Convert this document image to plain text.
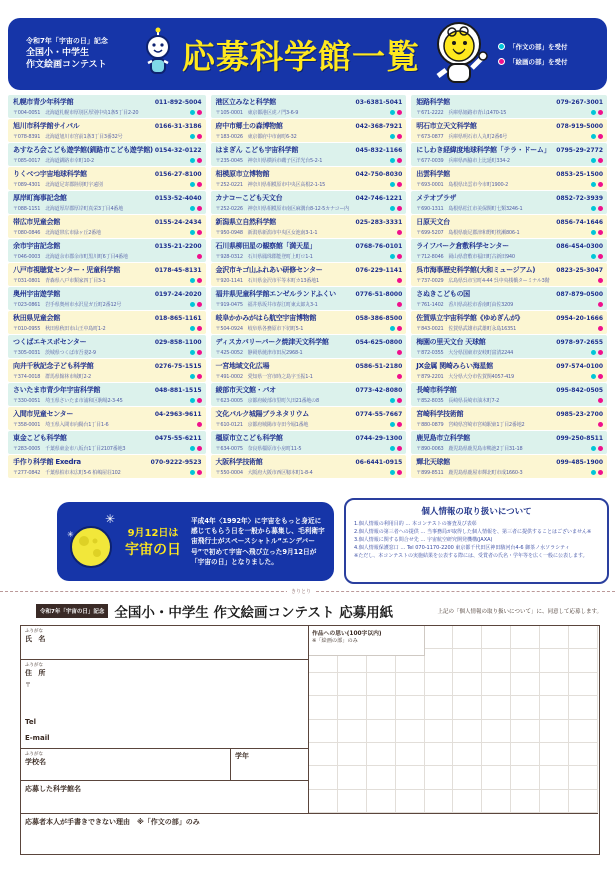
令和7年「宇宙の日」記念
全国小・中学生
作文絵画コンテスト	応募科学館一覧	「作文の部」を受付
「絵画の部」を受付
札幌市青少年科学館	011-892-5004
〒004-0051　北海道札幌市厚別区厚別中央1条5丁目2-20
旭川市科学館サイパル	0166-31-3186
〒078-8391　北海道旭川市宮前1条3丁目3番32号
あすなろ会こども遊学館(釧路市こども遊学館) 0154-32-0122
〒085-0017　北海道釧路市幸町10-2
りくべつ宇宙地球科学館	0156-27-8100
〒089-4301　北海道足寄郡陸別町宇遠別
厚岸町海事記念館	0153-52-4040
〒088-1151　北海道厚岸郡厚岸町真栄3丁目4番地
帯広市児童会館	0155-24-2434
〒080-0846　北海道帯広市緑ヶ丘2番地
余市宇宙記念館	0135-21-2200
〒046-0003　北海道余市郡余市町黒川町6丁目4番地
八戸市視聴覚センター・児童科学館	0178-45-8131
〒031-0801　青森県八戸市類家四丁目3-1
奥州宇宙遊学館	0197-24-2020
〒023-0861　岩手県奥州市水沢星ガ丘町2番12号
秋田県児童会館	018-865-1161
〒010-0955　秋田県秋田市山王中島町1-2
つくばエキスポセンター	029-858-1100
〒305-0031　茨城県つくば市吾妻2-9
向井千秋記念子ども科学館	0276-75-1515
〒374-0018　群馬県館林市城町2-2
さいたま市青少年宇宙科学館	048-881-1515
〒330-0051　埼玉県さいたま市浦和区駒場2-3-45
入間市児童センター	04-2963-9611
〒358-0001　埼玉県入間市向陽台1丁目1-6
東金こども科学館	0475-55-6211
〒283-0005　千葉県東金市八坂台1丁目2107番地3
手作り科学館 Exedra	070-9222-9523
〒277-0842　千葉県柏市末広町5-6 柏嶋屋荘102
港区立みなと科学館	03-6381-5041
〒105-0001　東京都港区虎ノ門3-6-9
府中市郷土の森博物館	042-368-7921
〒183-0026　東京都府中市南町6-32
はまぎん こども宇宙科学館	045-832-1166
〒235-0045　神奈川県横浜市磯子区洋光台5-2-1
相模原市立博物館	042-750-8030
〒252-0221　神奈川県相模原市中央区高根2-1-15
カナコーこども天文台	042-746-1221
〒252-0226　神奈川県相模原市南区麻溝台8-12-5カナコー内
新潟県立自然科学館	025-283-3331
〒950-0948　新潟県新潟市中央区女池南3-1-1
石川県柳田星の観察館「満天星」	0768-76-0101
〒928-0312　石川県鳳珠郡能登町上町ロ1-1
金沢市キゴ山ふれあい研修センター	076-229-1141
〒920-1141　石川県金沢市平等本町カ13番地1
福井県児童科学館エンゼルランドふくい	0776-51-8000
〒919-0475　福井県坂井市春江町東太郎丸3-1
岐阜かかみがはら航空宇宙博物館	058-386-8500
〒504-0924　岐阜県各務原市下切町5-1
ディスカバリーパーク焼津天文科学館	054-625-0800
〒425-0052　静岡県焼津市田尻2968-1
一宮地域文化広場	0586-51-2180
〒491-0002　愛知県一宮市時之島字玉振1-1
綾部市天文館・パオ	0773-42-8080
〒623-0005　京都府綾部市里町久田21番地の8
文化パルク城陽プラネタリウム	0774-55-7667
〒610-0121　京都府城陽市寺田今堀1番地
橿原市立こども科学館	0744-29-1300
〒634-0075　奈良県橿原市小房町11-5
大阪科学技術館	06-6441-0915
〒550-0004　大阪府大阪市西区靱本町1-8-4
姫路科学館	079-267-3001
〒671-2222　兵庫県姫路市青山1470-15
明石市立天文科学館	078-919-5000
〒673-0877　兵庫県明石市人丸町2番6号
にしわき経緯度地球科学館「テラ・ドーム」 0795-29-2772
〒677-0039　兵庫県西脇市上比延町334-2
出雲科学館	0853-25-1500
〒693-0001　島根県出雲市今市町1900-2
メテオプラザ	0852-72-3939
〒690-1311　島根県松江市美保関町七類3246-1
日原天文台	0856-74-1646
〒699-5207　島根県鹿足郡津和野町枕瀬806-1
ライフパーク倉敷科学センター	086-454-0300
〒712-8046　岡山県倉敷市福田町古新田940
呉市海事歴史科学館(大和ミュージアム)	0823-25-3047
〒737-0029　広島県呉市宝町4-44 呉中央桟橋ターミナル3階
さぬきこどもの国	087-879-0500
〒761-1402　香川県高松市香南町由佐3209
佐賀県立宇宙科学館《ゆめぎんが》	0954-20-1666
〒843-0021　佐賀県武雄市武雄町永島16351
梅園の里天文台 天球館	0978-97-2655
〒872-0355　大分県国東市安岐町富清2244
JX金属 関崎みらい海星館	097-574-0100
〒879-2201　大分県大分市佐賀関4057-419
長崎市科学館	095-842-0505
〒852-8035　長崎県長崎市油木町7-2
宮崎科学技術館	0985-23-2700
〒880-0879　宮崎県宮崎市宮崎駅東1丁目2番地2
鹿児島市立科学館	099-250-8511
〒890-0063　鹿児島県鹿児島市鴨池2丁目31-18
輝北天球館	099-485-1900
〒899-8511　鹿児島県鹿屋市輝北町市成1660-3
✳
✳	9月12日は
宇宙の日
平成4年〈1992年〉に宇宙をもっと身近に感じてもらう日を一般から募集し、毛利衛宇宙飛行士がスペースシャトル“エンデバー号”で初めて宇宙へ飛び立った9月12日が「宇宙の日」となりました。
個人情報の取り扱いについて
1.個人情報の利用目的 … 本コンテストの審査及び表彰
2.個人情報の第三者への提供 … 当事務局が取得した個人情報を、第三者に提供することはございません※
3.個人情報に関する問合せ先 … 宇宙航空研究開発機構(JAXA)
4.個人情報保護窓口 … Tel 070-1170-2200 東京都千代田区神田駿河台4-6 御茶ノ水ソラシティ
※ただし、本コンテストの実施結果を公表する際には、受賞者の氏名・学年等を広く一般に公表します。
きりとり
令和7年「宇宙の日」記念 全国小・中学生 作文絵画コンテスト 応募用紙	上記の「個人情報の取り扱いについて」に、同意して応募します。
ふりがな
氏 名
ふりがな
住 所
〒
Tel
E-mail
ふりがな
学校名
学年
応募した科学館名
応募者本人が手書きできない理由　※「作文の部」のみ
作品への思い(100字以内)
※「絵画の部」のみ
